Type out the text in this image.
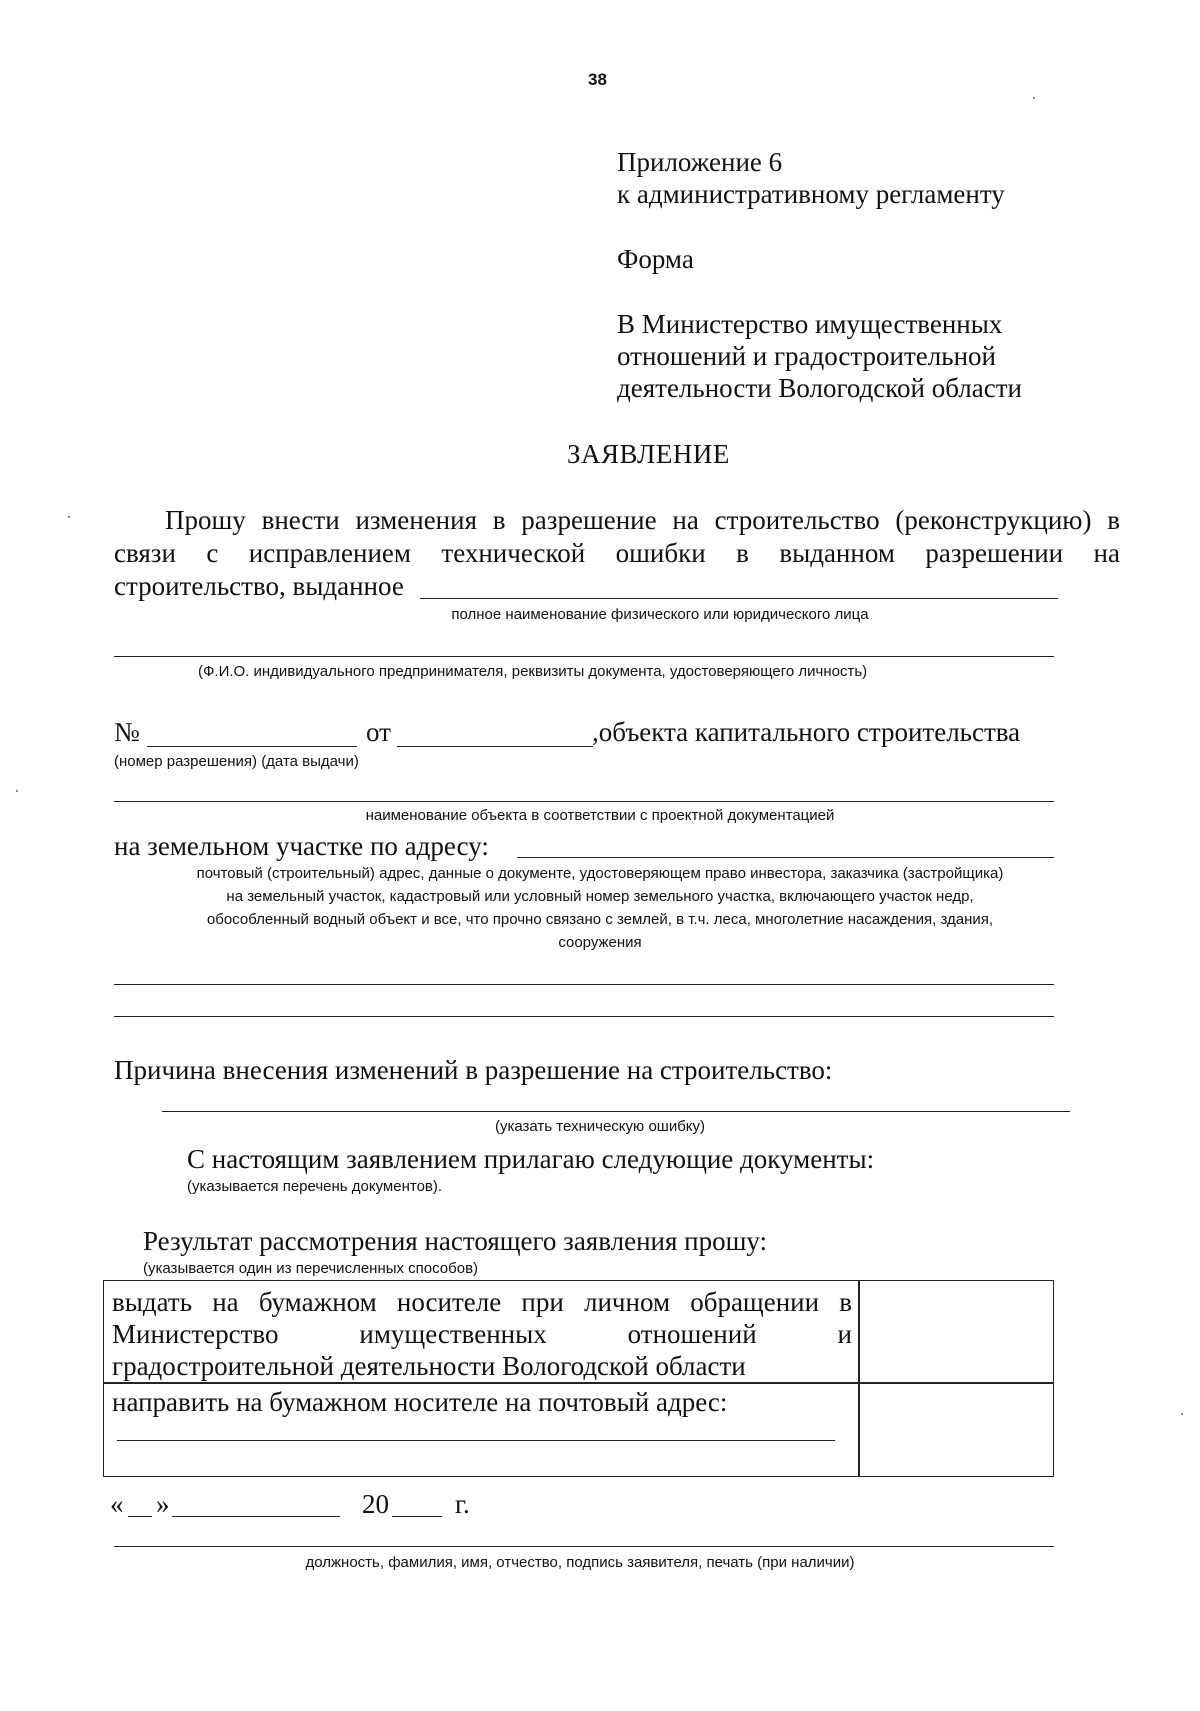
38
Приложение 6
к административному регламенту
Форма
В Министерство имущественных
отношений и градостроительной
деятельности Вологодской области
ЗАЯВЛЕНИЕ
Прошу внести изменения в разрешение на строительство (реконструкцию) в
связи с исправлением технической ошибки в выданном разрешении на
строительство, выданное
полное наименование физического или юридического лица
(Ф.И.О. индивидуального предпринимателя, реквизиты документа, удостоверяющего личность)
№	от	,объекта капитального строительства
(номер разрешения) (дата выдачи)
наименование объекта в соответствии с проектной документацией
на земельном участке по адресу:
почтовый (строительный) адрес, данные о документе, удостоверяющем право инвестора, заказчика (застройщика)
на земельный участок, кадастровый или условный номер земельного участка, включающего участок недр,
обособленный водный объект и все, что прочно связано с землей, в т.ч. леса, многолетние насаждения, здания,
сооружения
Причина внесения изменений в разрешение на строительство:
(указать техническую ошибку)
С настоящим заявлением прилагаю следующие документы:
(указывается перечень документов).
Результат рассмотрения настоящего заявления прошу:
(указывается один из перечисленных способов)
выдать на бумажном носителе при личном обращении в
Министерство имущественных отношений и
градостроительной деятельности Вологодской области
направить на бумажном носителе на почтовый адрес:
« »	20 г.
должность, фамилия, имя, отчество, подпись заявителя, печать (при наличии)
